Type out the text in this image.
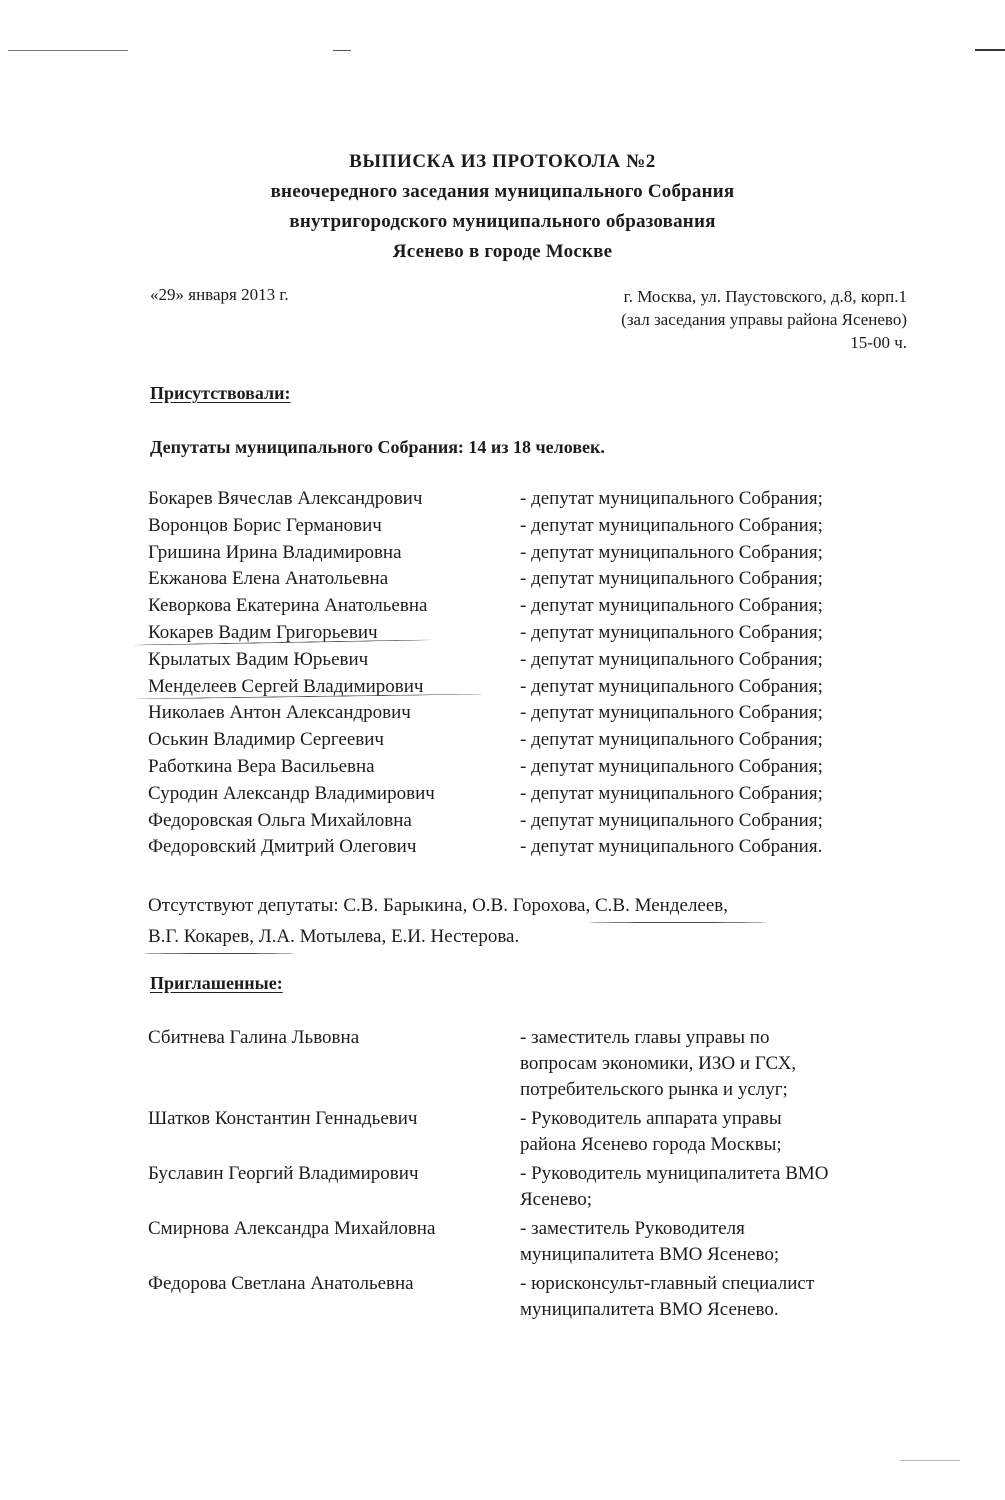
ВЫПИСКА ИЗ ПРОТОКОЛА №2
внеочередного заседания муниципального Собрания
внутригородского муниципального образования
Ясенево в городе Москве
«29» января 2013 г.	г. Москва, ул. Паустовского, д.8, корп.1
(зал заседания управы района Ясенево)
15-00 ч.
Присутствовали:
Депутаты муниципального Собрания: 14 из 18 человек.
Бокарев Вячеслав Александрович	- депутат муниципального Собрания;
Воронцов Борис Германович	- депутат муниципального Собрания;
Гришина Ирина Владимировна	- депутат муниципального Собрания;
Екжанова Елена Анатольевна	- депутат муниципального Собрания;
Кеворкова Екатерина Анатольевна	- депутат муниципального Собрания;
Кокарев Вадим Григорьевич	- депутат муниципального Собрания;
Крылатых Вадим Юрьевич	- депутат муниципального Собрания;
Менделеев Сергей Владимирович	- депутат муниципального Собрания;
Николаев Антон Александрович	- депутат муниципального Собрания;
Оськин Владимир Сергеевич	- депутат муниципального Собрания;
Работкина Вера Васильевна	- депутат муниципального Собрания;
Суродин Александр Владимирович	- депутат муниципального Собрания;
Федоровская Ольга Михайловна	- депутат муниципального Собрания;
Федоровский Дмитрий Олегович	- депутат муниципального Собрания.
Отсутствуют депутаты: С.В. Барыкина, О.В. Горохова, С.В. Менделеев,

В.Г. Кокарев,
Л.А. Мотылева, Е.И. Нестерова.
Приглашенные:
Сбитнева Галина Львовна	- заместитель главы управы по
вопросам экономики, ИЗО и ГСХ,
потребительского рынка и услуг;
Шатков Константин Геннадьевич	- Руководитель аппарата управы
района Ясенево города Москвы;
Буславин Георгий Владимирович	- Руководитель муниципалитета ВМО
Ясенево;
Смирнова Александра Михайловна	- заместитель Руководителя
муниципалитета ВМО Ясенево;
Федорова Светлана Анатольевна	- юрисконсульт-главный специалист
муниципалитета ВМО Ясенево.
